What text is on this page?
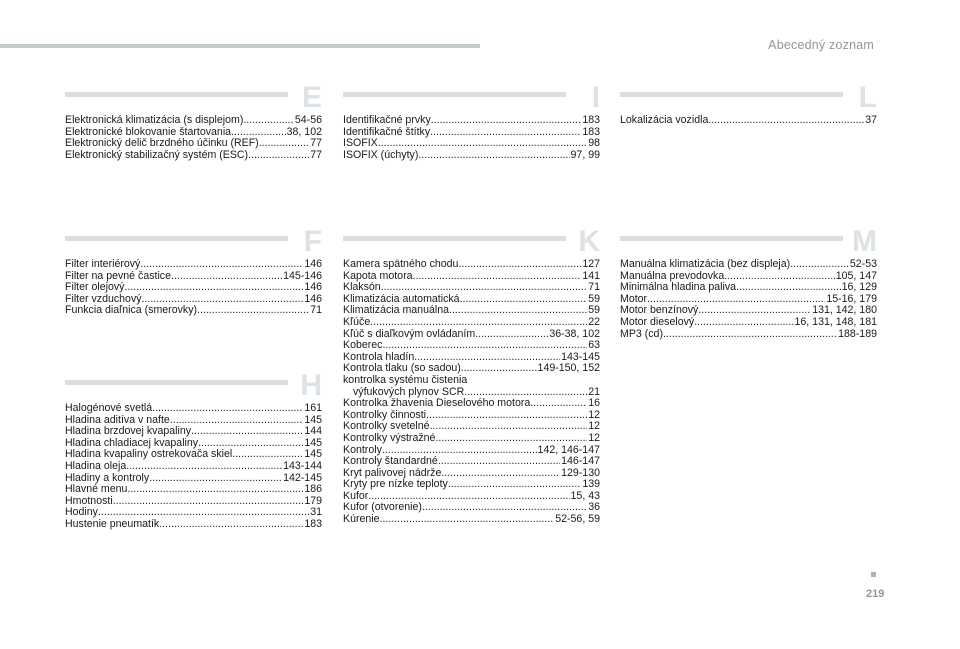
Abecedný zoznam
E
Elektronická klimatizácia (s displejom) .....	54-56
Elektronické blokovanie štartovania .....	38, 102
Elektronický delič brzdného účinku (REF) .....	77
Elektronický stabilizačný systém (ESC) .....	77
I
Identifikačné prvky .....	183
Identifikačné štítky .....	183
ISOFIX .....	98
ISOFIX (úchyty) .....	97, 99
L
Lokalizácia vozidla .....	37
F
Filter interiérový .....	146
Filter na pevné častice .....	145-146
Filter olejový .....	146
Filter vzduchový .....	146
Funkcia diaľnica (smerovky) .....	71
K
Kamera spätného chodu .....	127
Kapota motora .....	141
Klaksón .....	71
Klimatizácia automatická .....	59
Klimatizácia manuálna .....	59
Kľúče .....	22
Kľúč s diaľkovým ovládaním .....	36-38, 102
Koberec .....	63
Kontrola hladín .....	143-145
Kontrola tlaku (so sadou) .....	149-150, 152
kontrolka systému čistenia
výfukových plynov SCR .....	21
Kontrolka žhavenia Dieselového motora .....	16
Kontrolky činnosti .....	12
Kontrolky svetelné .....	12
Kontrolky výstražné .....	12
Kontroly .....	142, 146-147
Kontroly štandardné .....	146-147
Kryt palivovej nádrže .....	129-130
Kryty pre nízke teploty .....	139
Kufor .....	15, 43
Kufor (otvorenie) .....	36
Kúrenie .....	52-56, 59
M
Manuálna klimatizácia (bez displeja) .....	52-53
Manuálna prevodovka .....	105, 147
Minimálna hladina paliva .....	16, 129
Motor .....	15-16, 179
Motor benzínový .....	131, 142, 180
Motor dieselový .....	16, 131, 148, 181
MP3 (cd) .....	188-189
H
Halogénové svetlá .....	161
Hladina aditíva v nafte .....	145
Hladina brzdovej kvapaliny .....	144
Hladina chladiacej kvapaliny .....	145
Hladina kvapaliny ostrekovača skiel .....	145
Hladina oleja .....	143-144
Hladiny a kontroly .....	142-145
Hlavné menu .....	186
Hmotnosti .....	179
Hodiny .....	31
Hustenie pneumatík .....	183
219
